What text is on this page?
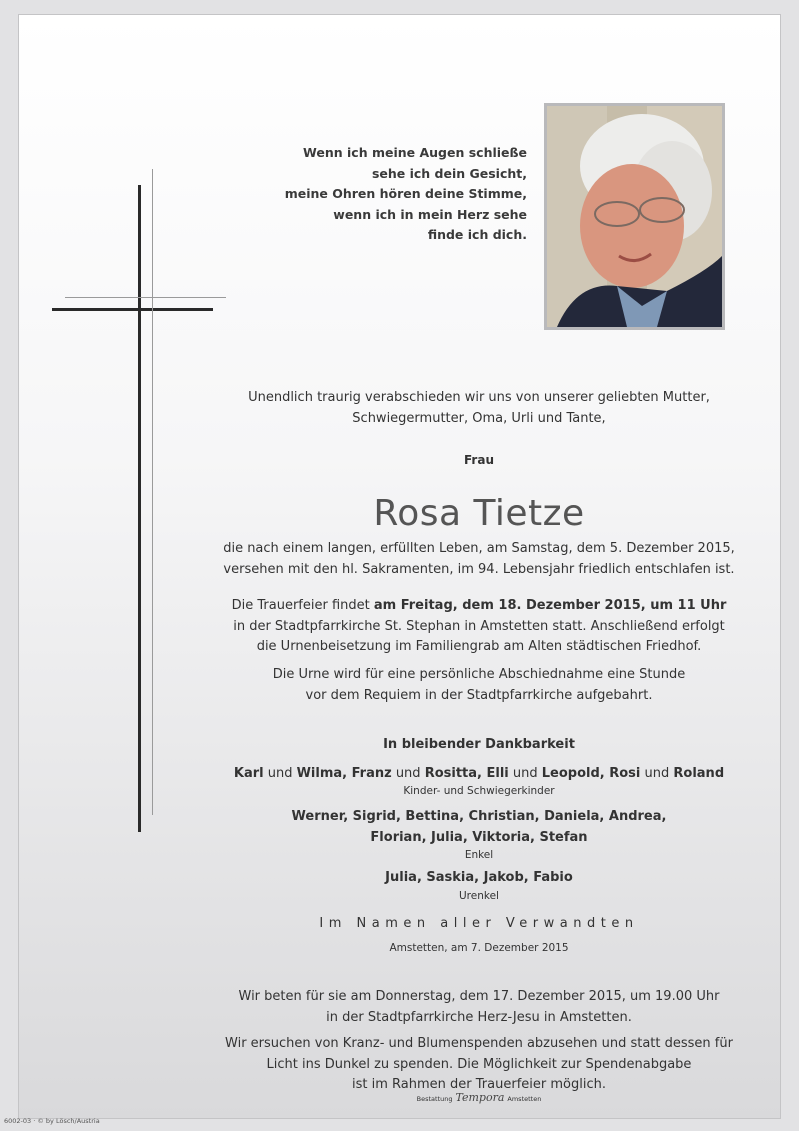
Wenn ich meine Augen schließe
sehe ich dein Gesicht,
meine Ohren hören deine Stimme,
wenn ich in mein Herz sehe
finde ich dich.
Unendlich traurig verabschieden wir uns von unserer geliebten Mutter,
Schwiegermutter, Oma, Urli und Tante,
Frau
Rosa Tietze
die nach einem langen, erfüllten Leben, am Samstag, dem 5. Dezember 2015,
versehen mit den hl. Sakramenten, im 94. Lebensjahr friedlich entschlafen ist.
Die Trauerfeier findet am Freitag, dem 18. Dezember 2015, um 11 Uhr
in der Stadtpfarrkirche St. Stephan in Amstetten statt. Anschließend erfolgt
die Urnenbeisetzung im Familiengrab am Alten städtischen Friedhof.
Die Urne wird für eine persönliche Abschiednahme eine Stunde
vor dem Requiem in der Stadtpfarrkirche aufgebahrt.
In bleibender Dankbarkeit
Karl und Wilma, Franz und Rositta, Elli und Leopold, Rosi und Roland
Kinder- und Schwiegerkinder
Werner, Sigrid, Bettina, Christian, Daniela, Andrea,
Florian, Julia, Viktoria, Stefan
Enkel
Julia, Saskia, Jakob, Fabio
Urenkel
Im Namen aller Verwandten
Amstetten, am 7. Dezember 2015
Wir beten für sie am Donnerstag, dem 17. Dezember 2015, um 19.00 Uhr
in der Stadtpfarrkirche Herz-Jesu in Amstetten.
Wir ersuchen von Kranz- und Blumenspenden abzusehen und statt dessen für
Licht ins Dunkel zu spenden. Die Möglichkeit zur Spendenabgabe
ist im Rahmen der Trauerfeier möglich.
Bestattung Tempora Amstetten
6002-03 · © by Lösch/Austria
